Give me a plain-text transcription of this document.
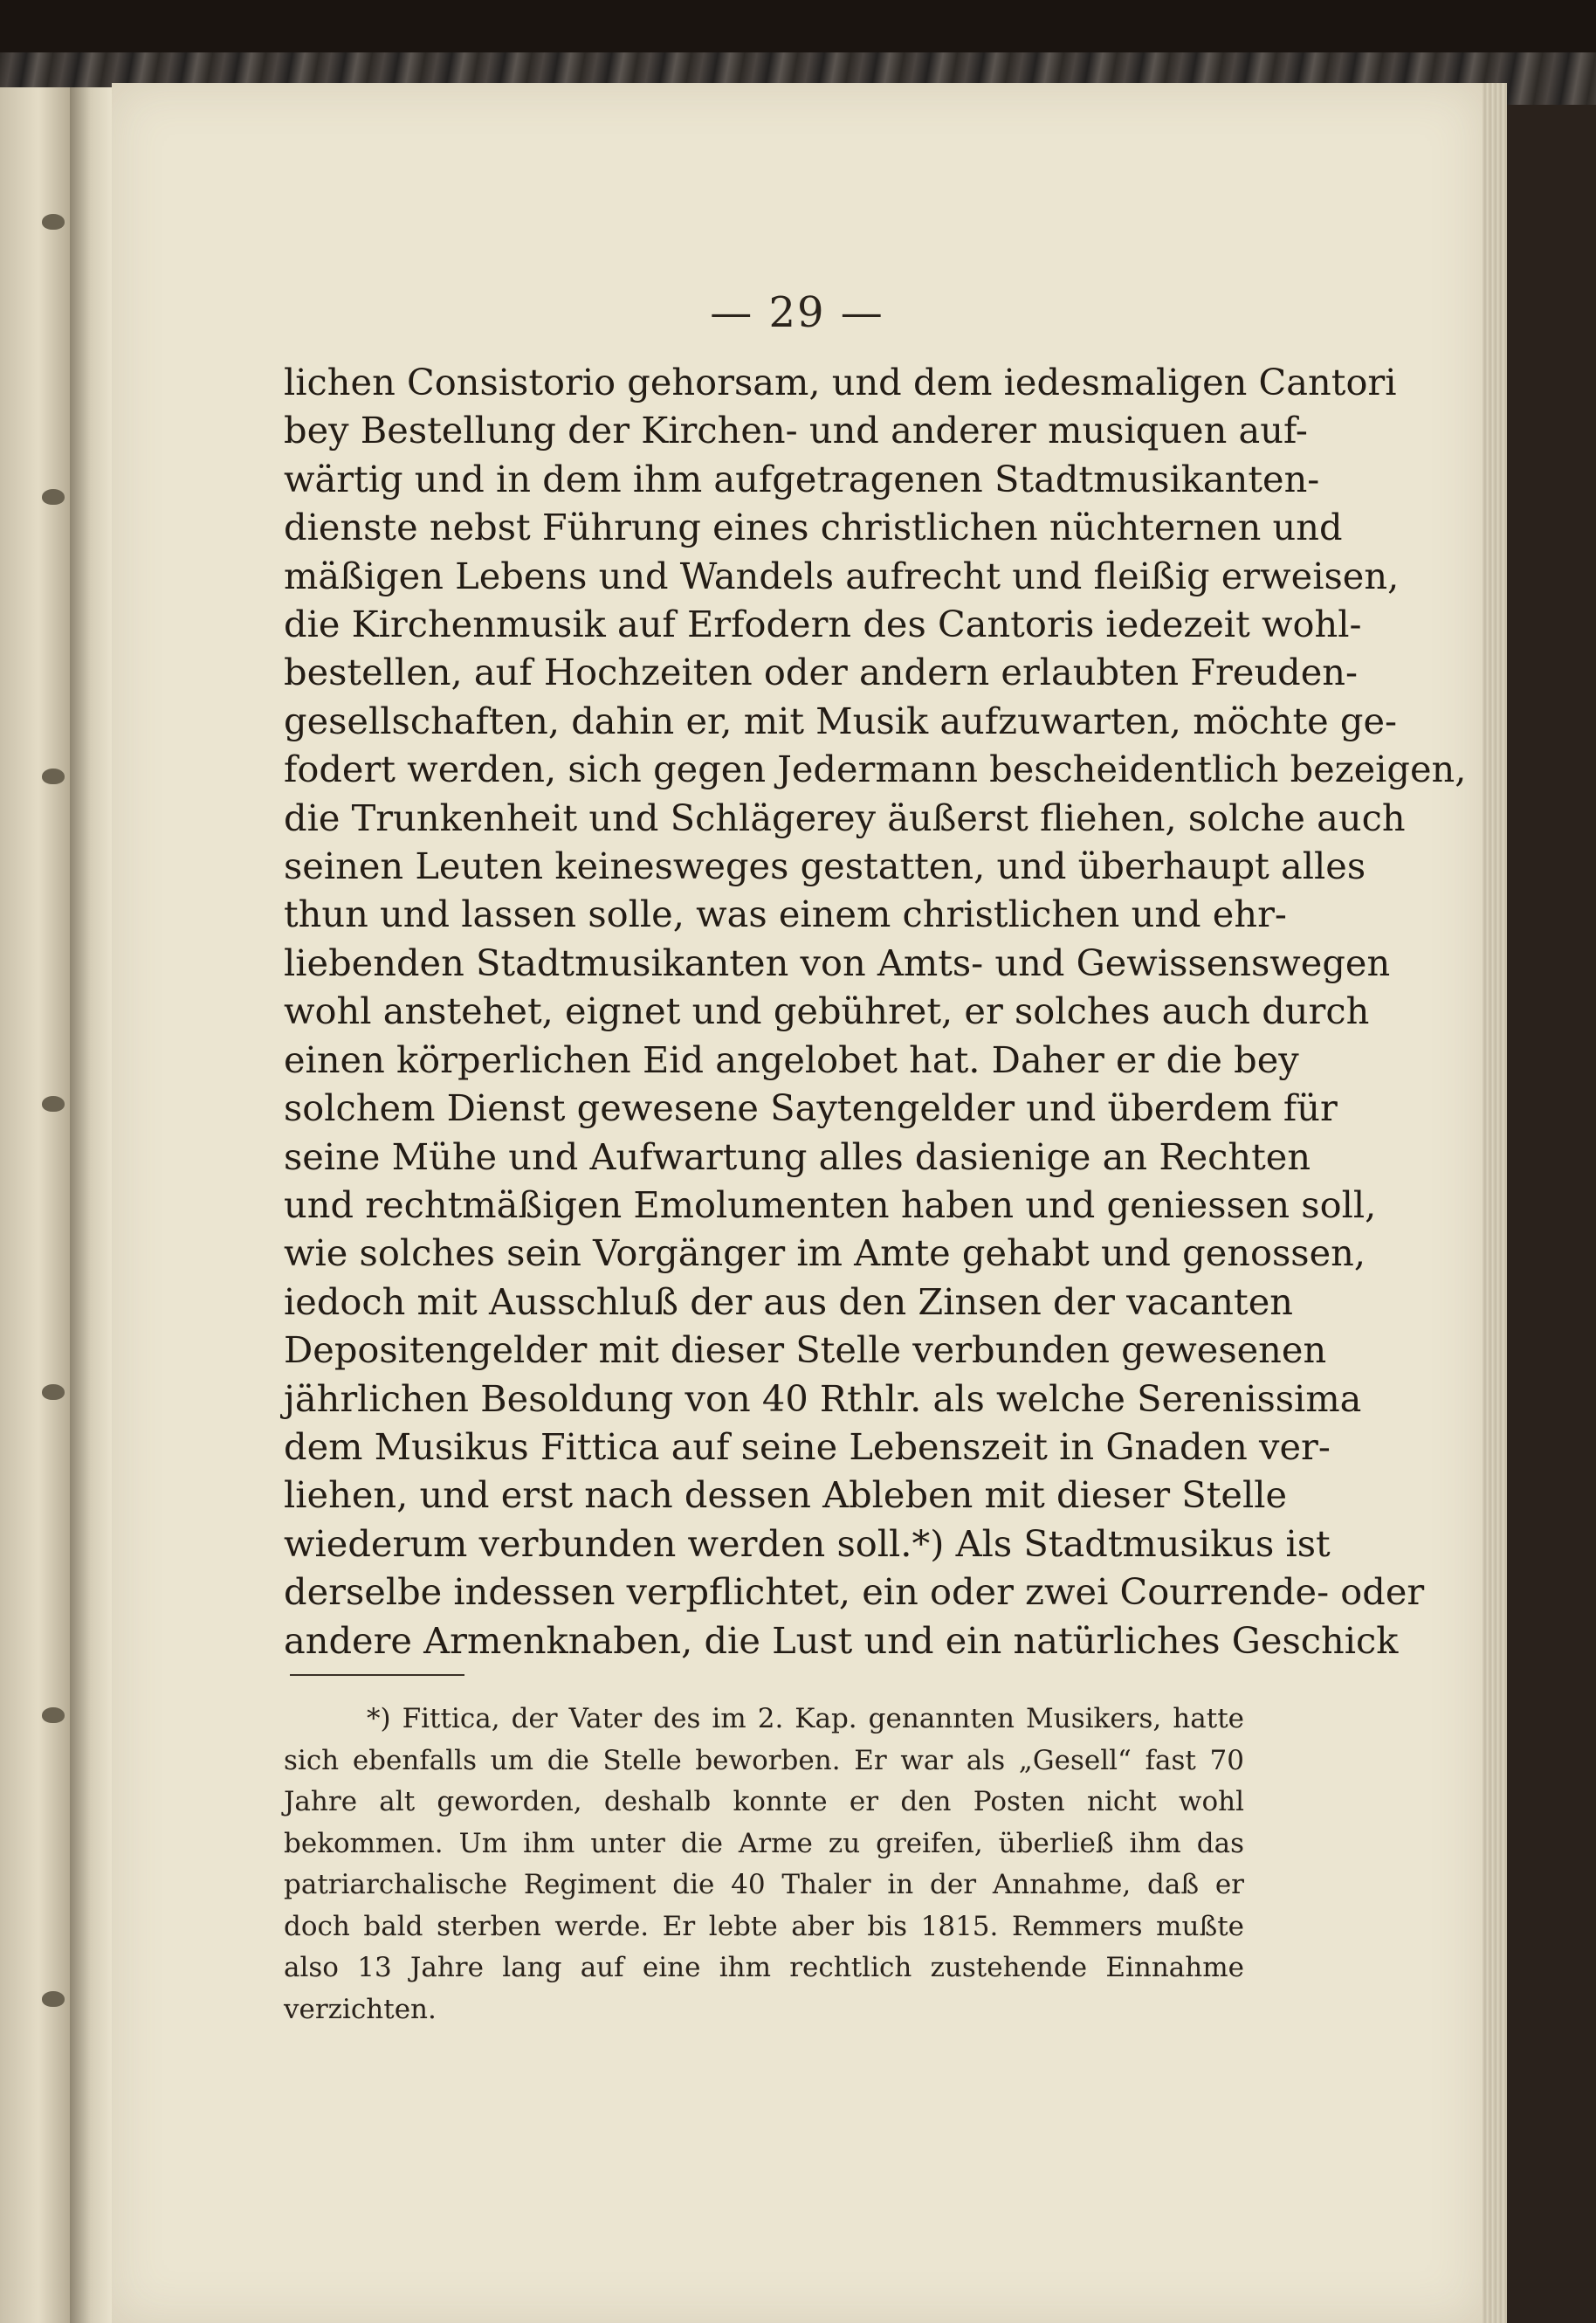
— 29 —
lichen Consistorio gehorsam, und dem iedesmaligen Cantori
bey Bestellung der Kirchen- und anderer musiquen auf-
wärtig und in dem ihm aufgetragenen Stadtmusikanten-
dienste nebst Führung eines christlichen nüchternen und
mäßigen Lebens und Wandels aufrecht und fleißig erweisen,
die Kirchenmusik auf Erfodern des Cantoris iedezeit wohl-
bestellen, auf Hochzeiten oder andern erlaubten Freuden-
gesellschaften, dahin er, mit Musik aufzuwarten, möchte ge-
fodert werden, sich gegen Jedermann bescheidentlich bezeigen,
die Trunkenheit und Schlägerey äußerst fliehen, solche auch
seinen Leuten keinesweges gestatten, und überhaupt alles
thun und lassen solle, was einem christlichen und ehr-
liebenden Stadtmusikanten von Amts- und Gewissenswegen
wohl anstehet, eignet und gebühret, er solches auch durch
einen körperlichen Eid angelobet hat. Daher er die bey
solchem Dienst gewesene Saytengelder und überdem für
seine Mühe und Aufwartung alles dasienige an Rechten
und rechtmäßigen Emolumenten haben und geniessen soll,
wie solches sein Vorgänger im Amte gehabt und genossen,
iedoch mit Ausschluß der aus den Zinsen der vacanten
Depositengelder mit dieser Stelle verbunden gewesenen
jährlichen Besoldung von 40 Rthlr. als welche Serenissima
dem Musikus Fittica auf seine Lebenszeit in Gnaden ver-
liehen, und erst nach dessen Ableben mit dieser Stelle
wiederum verbunden werden soll.*) Als Stadtmusikus ist
derselbe indessen verpflichtet, ein oder zwei Courrende- oder
andere Armenknaben, die Lust und ein natürliches Geschick
*) Fittica, der Vater des im 2. Kap. genannten Musikers, hatte sich ebenfalls um die Stelle beworben. Er war als „Gesell“ fast 70 Jahre alt geworden, deshalb konnte er den Posten nicht wohl bekommen. Um ihm unter die Arme zu greifen, überließ ihm das patriarchalische Regiment die 40 Thaler in der Annahme, daß er doch bald sterben werde. Er lebte aber bis 1815. Remmers mußte also 13 Jahre lang auf eine ihm rechtlich zustehende Einnahme verzichten.
